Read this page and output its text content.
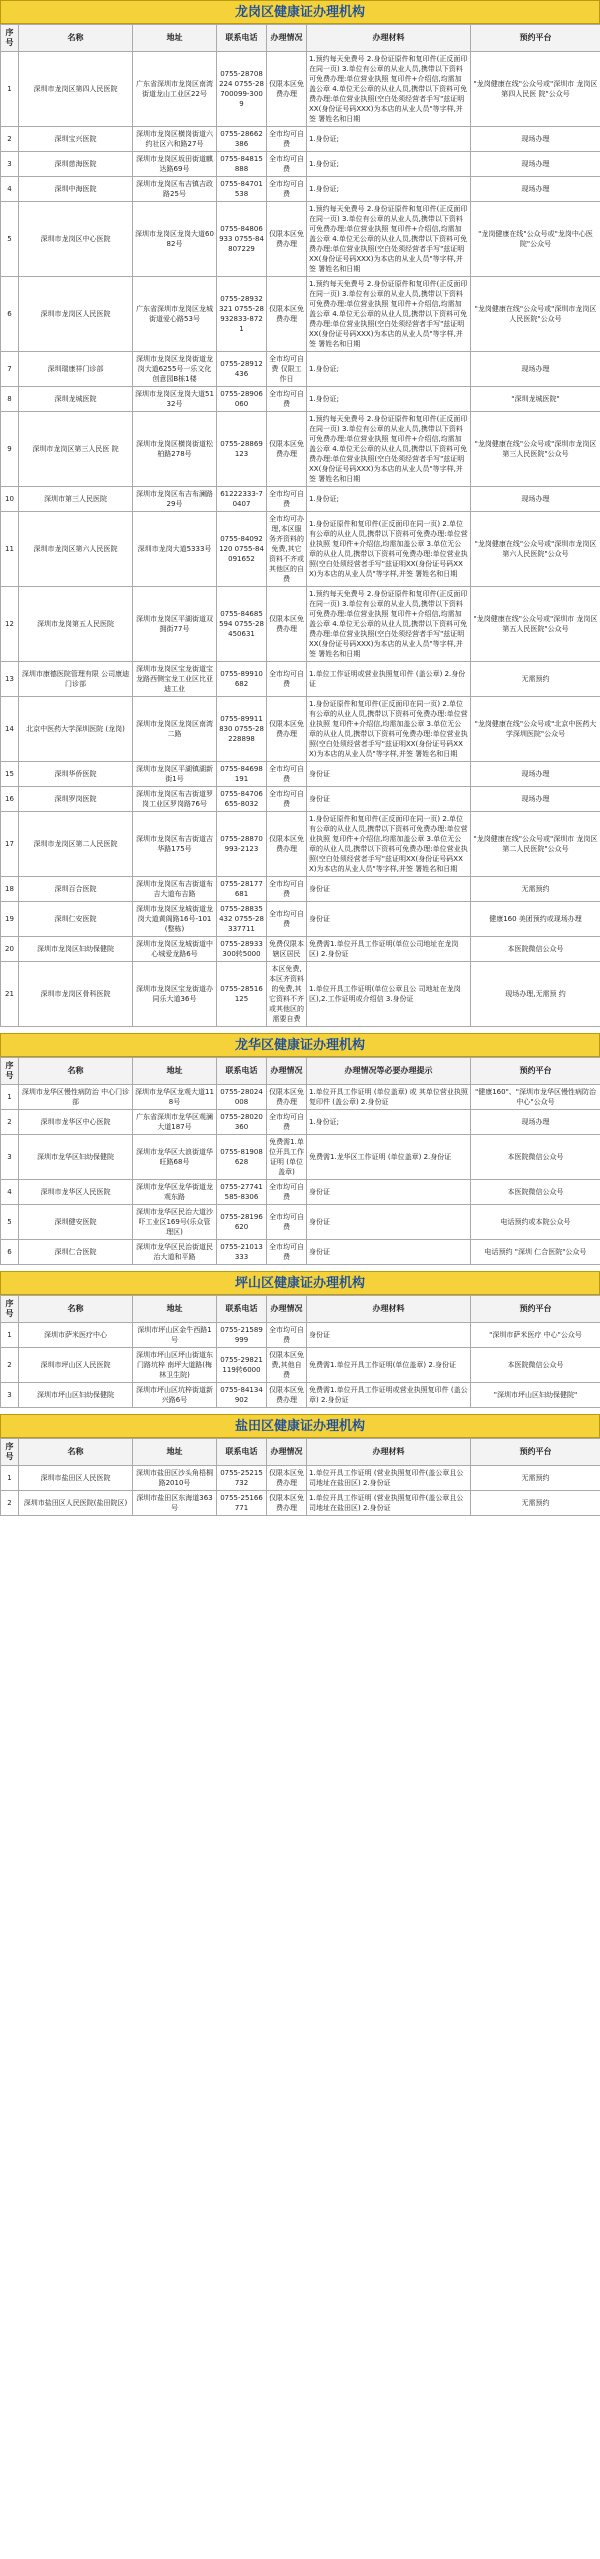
龙岗区健康证办理机构
序号	名称	地址	联系电话	办理情况	办理材料	预约平台
1	深圳市龙岗区第四人民医院	广东省深圳市龙岗区南湾街道龙山工业区22号	0755-28708224 0755-28700099-3009	仅限本区免费办理	1.预约每天免费号 2.身份证原件和复印件(正反面印在同一页) 3.单位有公章的从业人员,携带以下资料可免费办理:单位营业执照 复印件+介绍信,均需加盖公章 4.单位无公章的从业人员,携带以下资料可免费办理:单位营业执照(空白处须经营者手写"兹证明XX(身份证号码XXX)为本店的从业人员"等字样,并签 署姓名和日期	"龙岗健康在线"公众号或"深圳市 龙岗区第四人民医 院"公众号
2	深圳宝兴医院	深圳市龙岗区横岗街道六约社区六和路27号	0755-28662386	全市均可自费	1.身份证;	现场办理
3	深圳慈海医院	深圳市龙岗区坂田街道麒达路69号	0755-84815888	全市均可自费	1.身份证;	现场办理
4	深圳中海医院	深圳市龙岗区布吉镇吉政路25号	0755-84701538	全市均可自费	1.身份证;	现场办理
5	深圳市龙岗区中心医院	深圳市龙岗区龙岗大道6082号	0755-84806933 0755-84807229	仅限本区免费办理	1.预约每天免费号 2.身份证原件和复印件(正反面印在同一页) 3.单位有公章的从业人员,携带以下资料可免费办理:单位营业执照 复印件+介绍信,均需加盖公章 4.单位无公章的从业人员,携带以下资料可免费办理:单位营业执照(空白处须经营者手写"兹证明XX(身份证号码XXX)为本店的从业人员"等字样,并签 署姓名和日期	"龙岗健康在线"公众号或"龙岗中心医院"公众号
6	深圳市龙岗区人民医院	广东省深圳市龙岗区龙城街道爱心路53号	0755-28932321 0755-28932833-8721	仅限本区免费办理	1.预约每天免费号 2.身份证原件和复印件(正反面印在同一页) 3.单位有公章的从业人员,携带以下资料可免费办理:单位营业执照 复印件+介绍信,均需加盖公章 4.单位无公章的从业人员,携带以下资料可免费办理:单位营业执照(空白处须经营者手写"兹证明XX(身份证号码XXX)为本店的从业人员"等字样,并签 署姓名和日期	"龙岗健康在线"公众号或"深圳市龙岗区人民医院"公众号
7	深圳瑞康祥门诊部	深圳市龙岗区龙岗街道龙岗大道6255号一乐文化创意园B栋1楼	0755-28912436	全市均可自费 仅限工作日	1.身份证;	现场办理
8	深圳龙城医院	深圳市龙岗区龙岗大道5132号	0755-28906060	全市均可自费	1.身份证;	"深圳龙城医院"
9	深圳市龙岗区第三人民医 院	深圳市龙岗区横岗街道松柏路278号	0755-28869123	仅限本区免费办理	1.预约每天免费号 2.身份证原件和复印件(正反面印在同一页) 3.单位有公章的从业人员,携带以下资料可免费办理:单位营业执照 复印件+介绍信,均需加盖公章 4.单位无公章的从业人员,携带以下资料可免费办理:单位营业执照(空白处须经营者手写"兹证明XX(身份证号码XXX)为本店的从业人员"等字样,并签 署姓名和日期	"龙岗健康在线"公众号或"深圳市龙岗区第三人民医院"公众号
10	深圳市第三人民医院	深圳市龙岗区布吉布澜路29号	61222333-70407	全市均可自费	1.身份证;	现场办理
11	深圳市龙岗区第六人民医院	深圳市龙岗大道5333号	0755-84092120 0755-84091652	全市均可办理,本区服务齐资料的免费,其它资料不齐或其他区的自费	1.身份证原件和复印件(正反面印在同一页) 2.单位有公章的从业人员,携带以下资料可免费办理:单位营业执照 复印件+介绍信,均需加盖公章 3.单位无公章的从业人员,携带以下资料可免费办理:单位营业执照(空白处须经营者手写"兹证明XX(身份证号码XXX)为本店的从业人员"等字样,并签 署姓名和日期	"龙岗健康在线"公众号或"深圳市龙岗区第六人民医院"公众号
12	深圳市龙岗第五人民医院	深圳市龙岗区平湖街道双拥街77号	0755-84685594 0755-28450631	仅限本区免费办理	1.预约每天免费号 2.身份证原件和复印件(正反面印在同一页) 3.单位有公章的从业人员,携带以下资料可免费办理:单位营业执照 复印件+介绍信,均需加盖公章 4.单位无公章的从业人员,携带以下资料可免费办理:单位营业执照(空白处须经营者手写"兹证明XX(身份证号码XXX)为本店的从业人员"等字样,并签 署姓名和日期	"龙岗健康在线"公众号或"深圳市 龙岗区第五人民医院"公众号
13	深圳市康德医院管理有限 公司康迪门诊部	深圳市龙岗区宝龙街道宝龙路西侧宝龙工业区比亚迪工业	0755-89910682	全市均可自费	1.单位工作证明或营业执照复印件 (盖公章) 2.身份证	无需预约
14	北京中医药大学深圳医院 (龙岗)	深圳市龙岗区龙岗区南湾二路	0755-89911830 0755-28228898	仅限本区免费办理	1.身份证原件和复印件(正反面印在同一页) 2.单位有公章的从业人员,携带以下资料可免费办理:单位营业执照 复印件+介绍信,均需加盖公章 3.单位无公章的从业人员,携带以下资料可免费办理:单位营业执照(空白处须经营者手写"兹证明XX(身份证号码XXX)为本店的从业人员"等字样,并签 署姓名和日期	"龙岗健康在线"公众号或"北京中医药大学深圳医院"公众号
15	深圳华侨医院	深圳市龙岗区平湖镇湖新街1号	0755-84698191	全市均可自费	身份证	现场办理
16	深圳罗岗医院	深圳市龙岗区布吉街道罗岗工业区罗岗路76号	0755-84706655-8032	全市均可自费	身份证	现场办理
17	深圳市龙岗区第二人民医院	深圳市龙岗区布吉街道吉华路175号	0755-28870993-2123	仅限本区免费办理	1.身份证原件和复印件(正反面印在同一页) 2.单位有公章的从业人员,携带以下资料可免费办理:单位营业执照 复印件+介绍信,均需加盖公章 3.单位无公章的从业人员,携带以下资料可免费办理:单位营业执照(空白处须经营者手写"兹证明XX(身份证号码XXX)为本店的从业人员"等字样,并签 署姓名和日期	"龙岗健康在线"公众号或"深圳市 龙岗区第二人民医院"公众号
18	深圳百合医院	深圳市龙岗区布吉街道布吉大道布吉路	0755-28177681	全市均可自费	身份证	无需预约
19	深圳仁安医院	深圳市龙岗区龙城街道龙岗大道黄阁路16号-101(整栋)	0755-28835432 0755-28337711	全市均可自费	身份证	健康160 美团预约或现场办理
20	深圳市龙岗区妇幼保健院	深圳市龙岗区龙城街道中心城爱龙路6号	0755-28933300转5000	免费仅限本辖区居民	免费需1.单位开具工作证明(单位公司地址在龙岗区) 2.身份证	本医院微信公众号
21	深圳市龙岗区骨科医院	深圳市龙岗区宝龙街道办同乐大道36号	0755-28516125	本区免费,本区齐资料的免费,其它资料不齐或其他区的需要自费	1.单位开具工作证明(单位公章且公 司地址在龙岗区),2.工作证明或介绍信 3.身份证	现场办理,无需预 约
龙华区健康证办理机构
序号	名称	地址	联系电话	办理情况	办理情况等必要办理提示	预约平台
1	深圳市龙华区慢性病防治 中心门诊部	深圳市龙华区龙观大道118号	0755-28024008	仅限本区免费办理	1.单位开具工作证明 (单位盖章) 或 其单位营业执照复印件 (盖公章) 2.身份证	"健康160"、"深圳市龙华区慢性病防治中心"公众号
2	深圳市龙华区中心医院	广东省深圳市龙华区观澜大道187号	0755-28020360	全市均可自费	1.身份证;	现场办理
3	深圳市龙华区妇幼保健院	深圳市龙华区大浪街道华旺路68号	0755-81908628	免费需1.单位开具工作证明 (单位盖章)	免费需1.龙华区工作证明 (单位盖章) 2.身份证	本医院微信公众号
4	深圳市龙华区人民医院	深圳市龙华区龙华街道龙观东路	0755-27741585-8306	全市均可自费	身份证	本医院微信公众号
5	深圳健安医院	深圳市龙华区民治大道沙吓工业区169号(乐众管理区)	0755-28196620	全市均可自费	身份证	电话预约或本院公众号
6	深圳仁合医院	深圳市龙华区民治街道民治大道和平路	0755-21013333	全市均可自费	身份证	电话预约 "深圳 仁合医院"公众号
坪山区健康证办理机构
序号	名称	地址	联系电话	办理情况	办理材料	预约平台
1	深圳市萨米医疗中心	深圳市坪山区金牛西路1号	0755-21589999	全市均可自费	身份证	"深圳市萨米医疗 中心"公众号
2	深圳市坪山区人民医院	深圳市坪山区坪山街道东门路坑梓 南坪大道路(梅林卫生院)	0755-29821119转6000	仅限本区免费,其他自费	免费需1.单位开具工作证明(单位盖章) 2.身份证	本医院微信公众号
3	深圳市坪山区妇幼保健院	深圳市坪山区坑梓街道新兴路6号	0755-84134902	仅限本区免费办理	免费需1.单位开具工作证明或营业执照复印件 (盖公章) 2.身份证	"深圳市坪山区妇幼保健院"
盐田区健康证办理机构
序号	名称	地址	联系电话	办理情况	办理材料	预约平台
1	深圳市盐田区人民医院	深圳市盐田区沙头角梧桐路2010号	0755-25215732	仅限本区免费办理	1.单位开具工作证明 (营业执照复印件(盖公章且公司地址在盐田区) 2.身份证	无需预约
2	深圳市盐田区人民医院(盐田院区)	深圳市盐田区东海道363号	0755-25166771	仅限本区免费办理	1.单位开具工作证明 (营业执照复印件(盖公章且公司地址在盐田区) 2.身份证	无需预约
